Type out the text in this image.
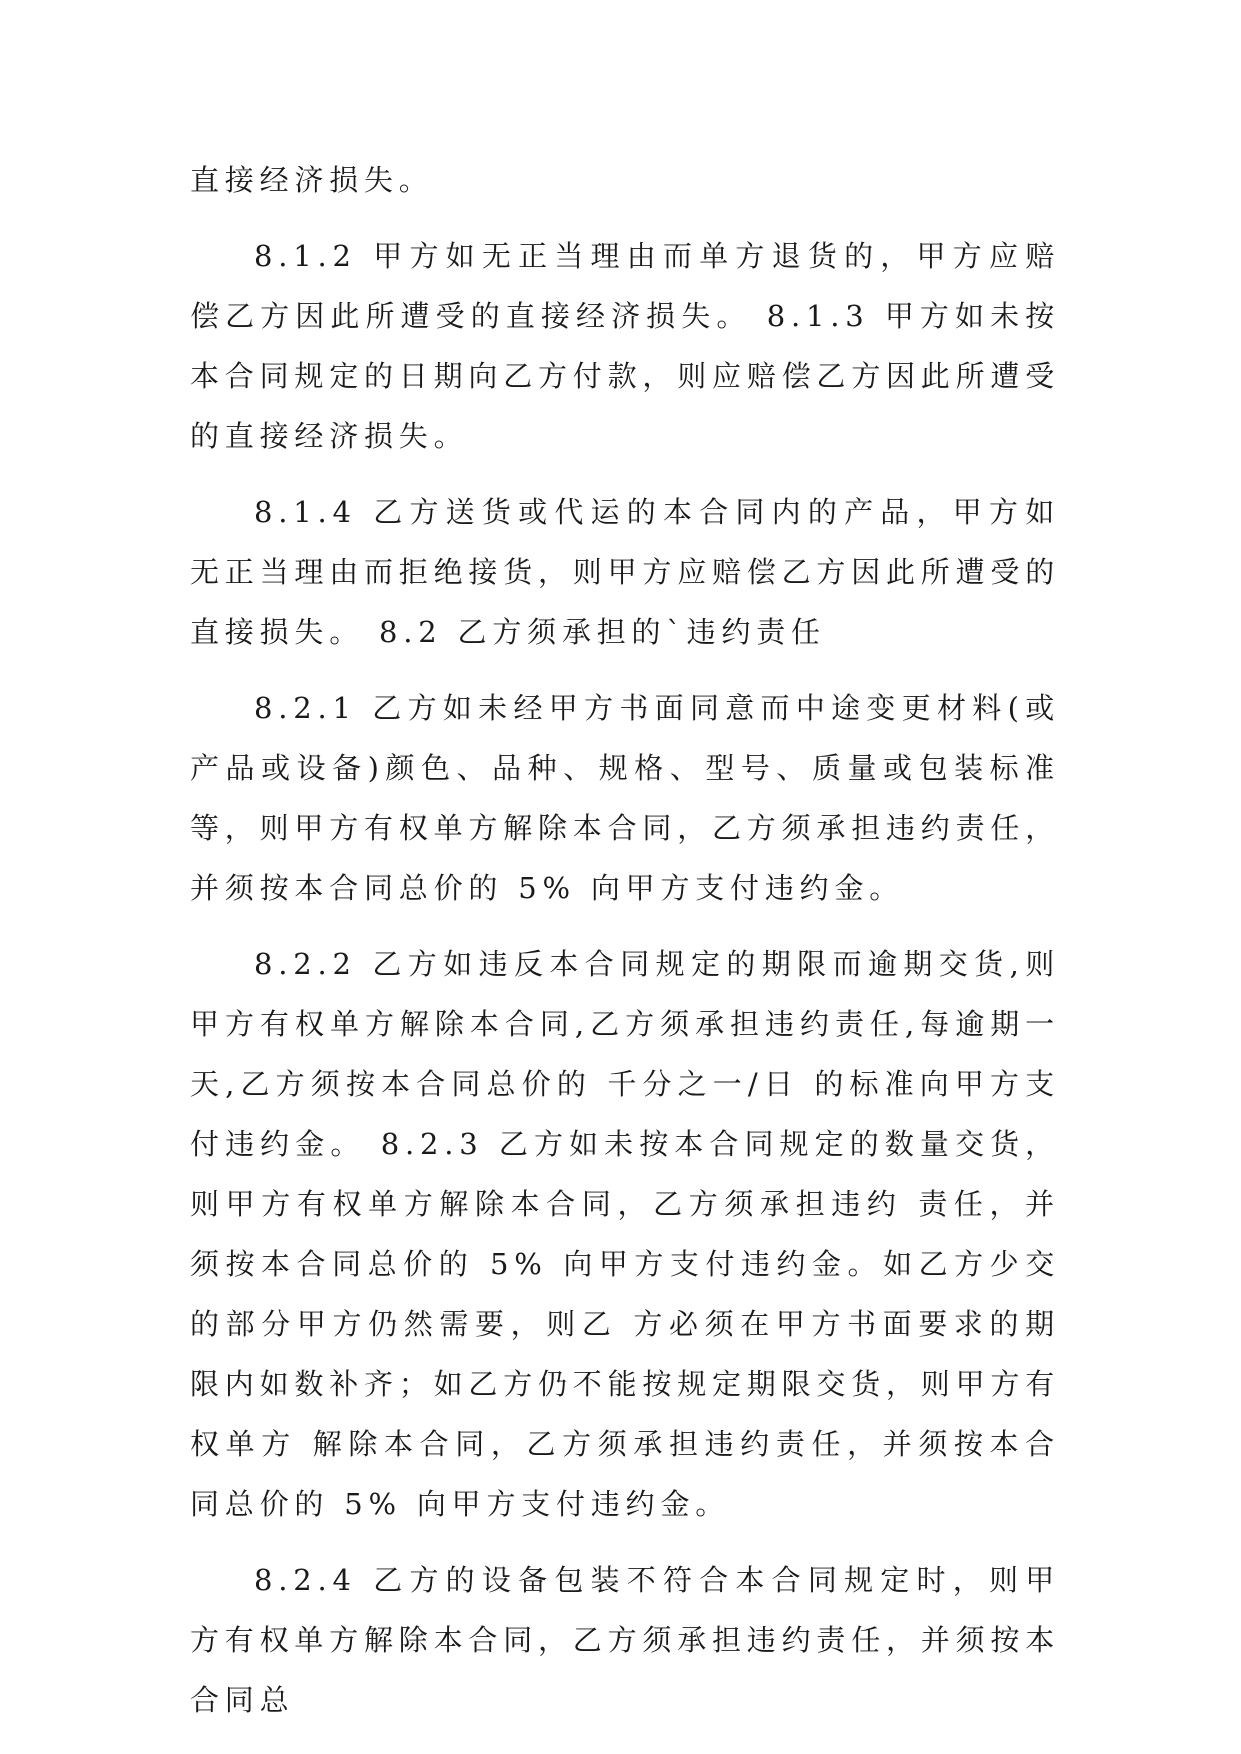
直接经济损失。

8.1.2 甲方如无正当理由而单方退货的，甲方应赔偿乙方因此所遭受的直接经济损失。 8.1.3 甲方如未按本合同规定的日期向乙方付款，则应赔偿乙方因此所遭受的直接经济损失。

8.1.4 乙方送货或代运的本合同内的产品，甲方如无正当理由而拒绝接货，则甲方应赔偿乙方因此所遭受的直接损失。 8.2 乙方须承担的`违约责任

8.2.1 乙方如未经甲方书面同意而中途变更材料(或产品或设备)颜色、品种、规格、型号、质量或包装标准等，则甲方有权单方解除本合同，乙方须承担违约责任，并须按本合同总价的 5% 向甲方支付违约金。

8.2.2 乙方如违反本合同规定的期限而逾期交货,则甲方有权单方解除本合同,乙方须承担违约责任,每逾期一天,乙方须按本合同总价的 千分之一/日 的标准向甲方支付违约金。 8.2.3 乙方如未按本合同规定的数量交货，则甲方有权单方解除本合同，乙方须承担违约 责任，并须按本合同总价的 5% 向甲方支付违约金。如乙方少交的部分甲方仍然需要，则乙 方必须在甲方书面要求的期限内如数补齐；如乙方仍不能按规定期限交货，则甲方有权单方 解除本合同，乙方须承担违约责任，并须按本合同总价的 5% 向甲方支付违约金。

8.2.4 乙方的设备包装不符合本合同规定时，则甲方有权单方解除本合同，乙方须承担违约责任，并须按本合同总
